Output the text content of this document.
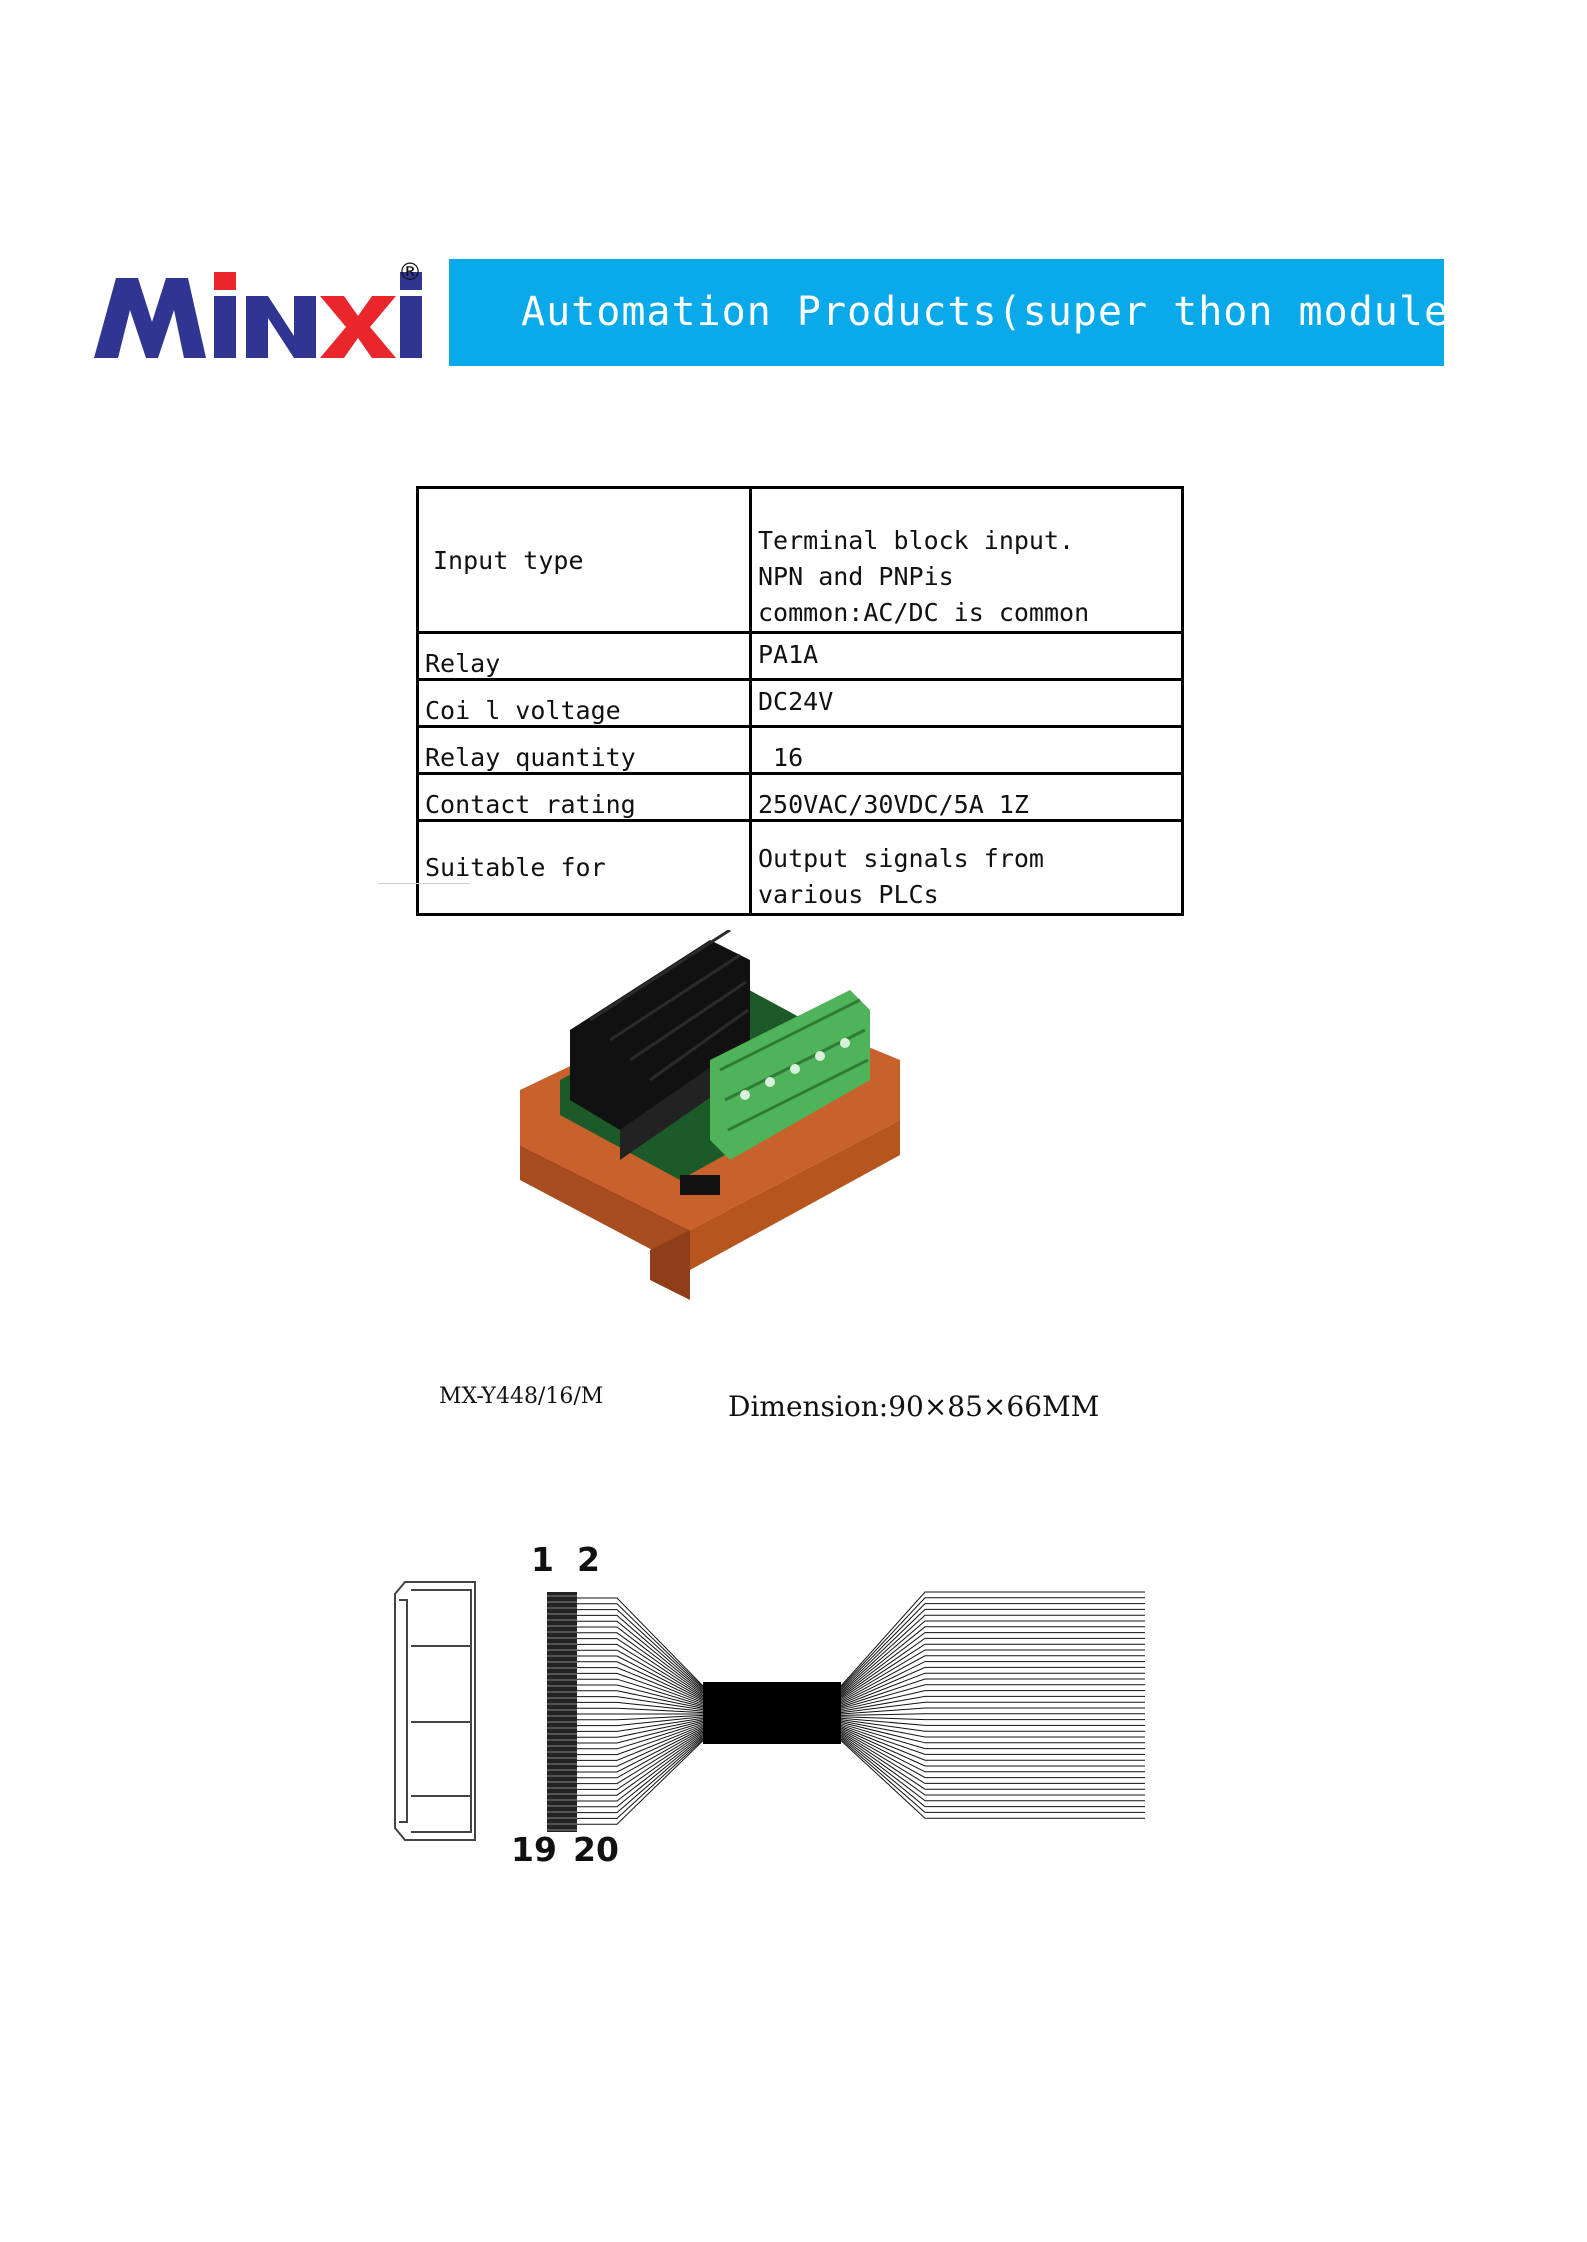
®
Automation Products(super thon module)
Input type	Terminal block input.
NPN and PNPis
common:AC/DC is common

Relay	PA1A
Coi l voltage	DC24V
Relay quantity	16
Contact rating	250VAC/30VDC/5A 1Z
Suitable for	Output signals from
various PLCs
MX-Y448/16/M	Dimension:90×85×66MM
1 2
19 20
